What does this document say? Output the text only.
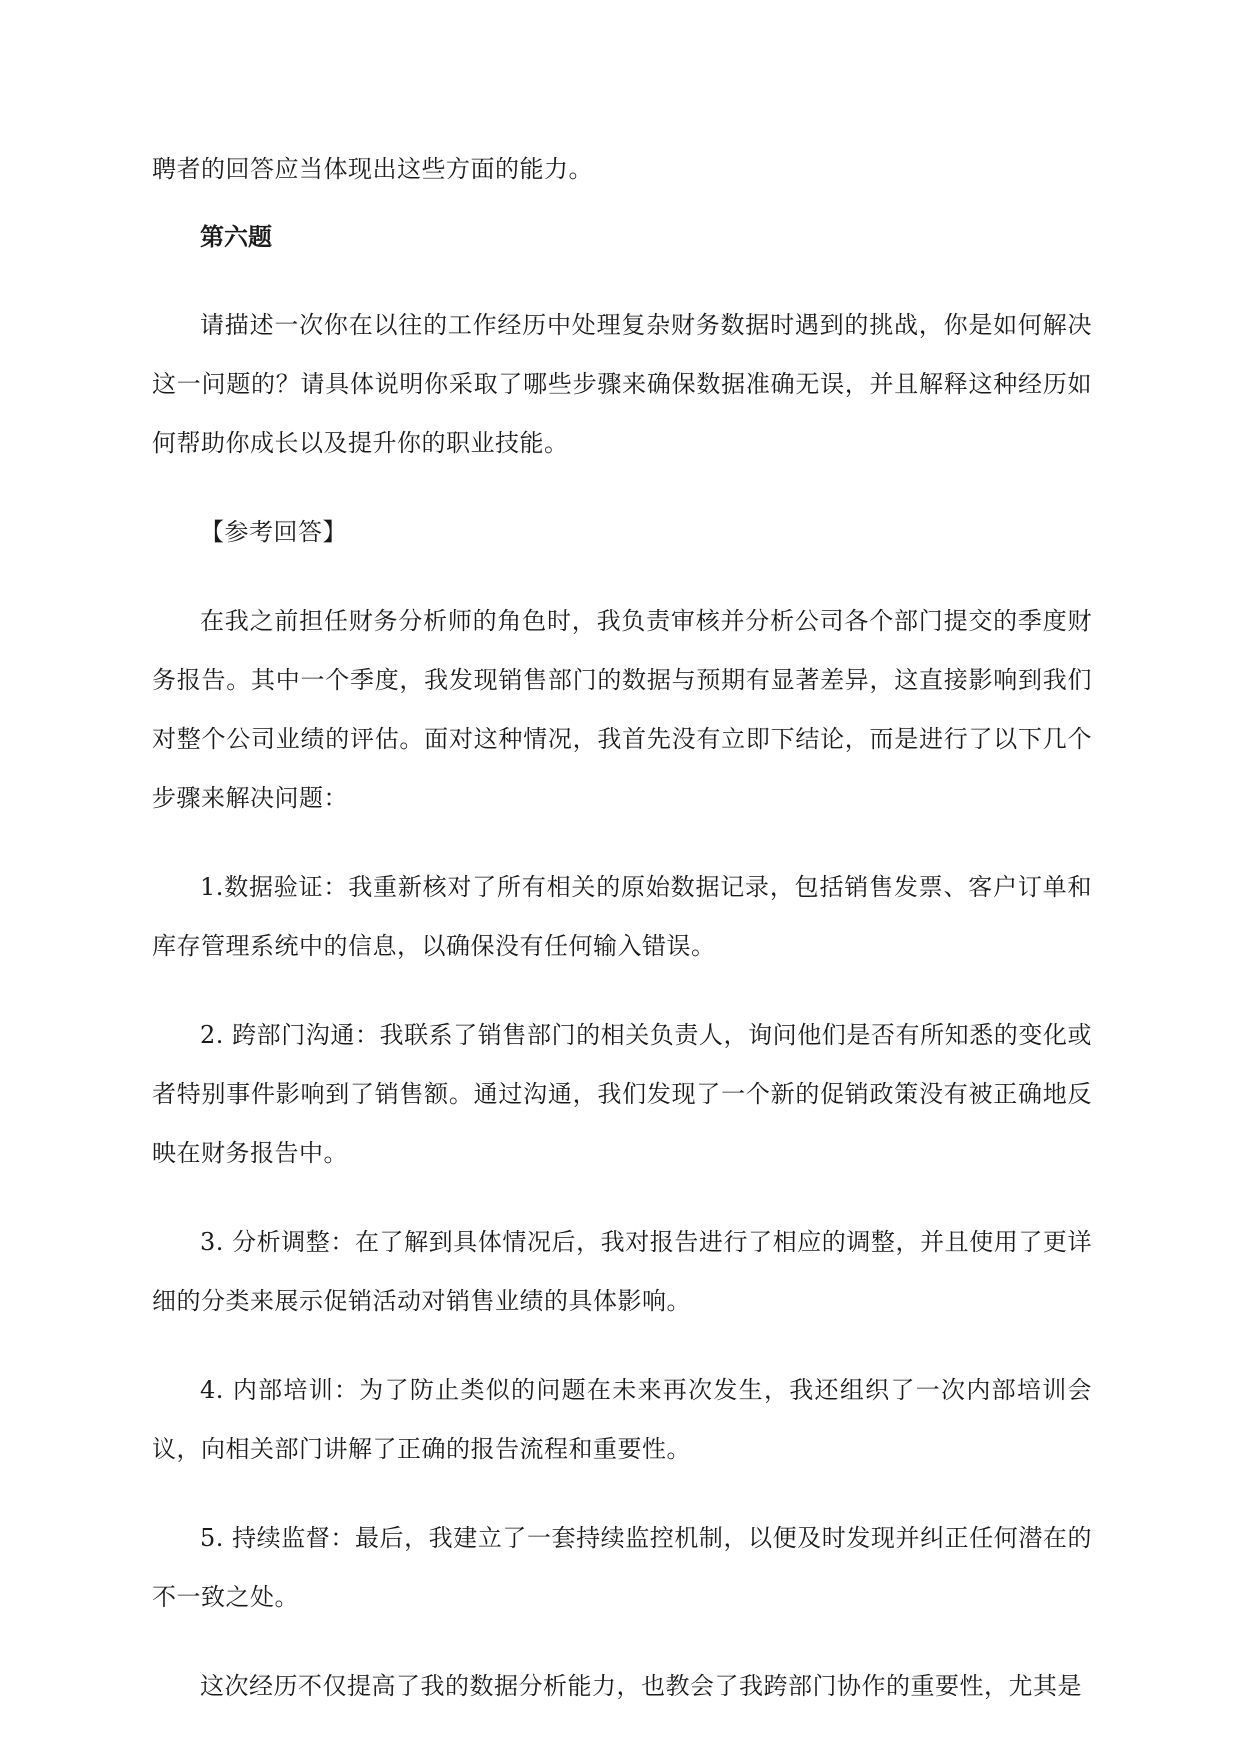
聘者的回答应当体现出这些方面的能力。

第六题

请描述一次你在以往的工作经历中处理复杂财务数据时遇到的挑战，你是如何解决这一问题的？请具体说明你采取了哪些步骤来确保数据准确无误，并且解释这种经历如何帮助你成长以及提升你的职业技能。

【参考回答】

在我之前担任财务分析师的角色时，我负责审核并分析公司各个部门提交的季度财务报告。其中一个季度，我发现销售部门的数据与预期有显著差异，这直接影响到我们对整个公司业绩的评估。面对这种情况，我首先没有立即下结论，而是进行了以下几个步骤来解决问题：

1.数据验证：我重新核对了所有相关的原始数据记录，包括销售发票、客户订单和库存管理系统中的信息，以确保没有任何输入错误。

2. 跨部门沟通：我联系了销售部门的相关负责人，询问他们是否有所知悉的变化或者特别事件影响到了销售额。通过沟通，我们发现了一个新的促销政策没有被正确地反映在财务报告中。

3. 分析调整：在了解到具体情况后，我对报告进行了相应的调整，并且使用了更详细的分类来展示促销活动对销售业绩的具体影响。

4. 内部培训：为了防止类似的问题在未来再次发生，我还组织了一次内部培训会议，向相关部门讲解了正确的报告流程和重要性。

5. 持续监督：最后，我建立了一套持续监控机制，以便及时发现并纠正任何潜在的不一致之处。

这次经历不仅提高了我的数据分析能力，也教会了我跨部门协作的重要性，尤其是
